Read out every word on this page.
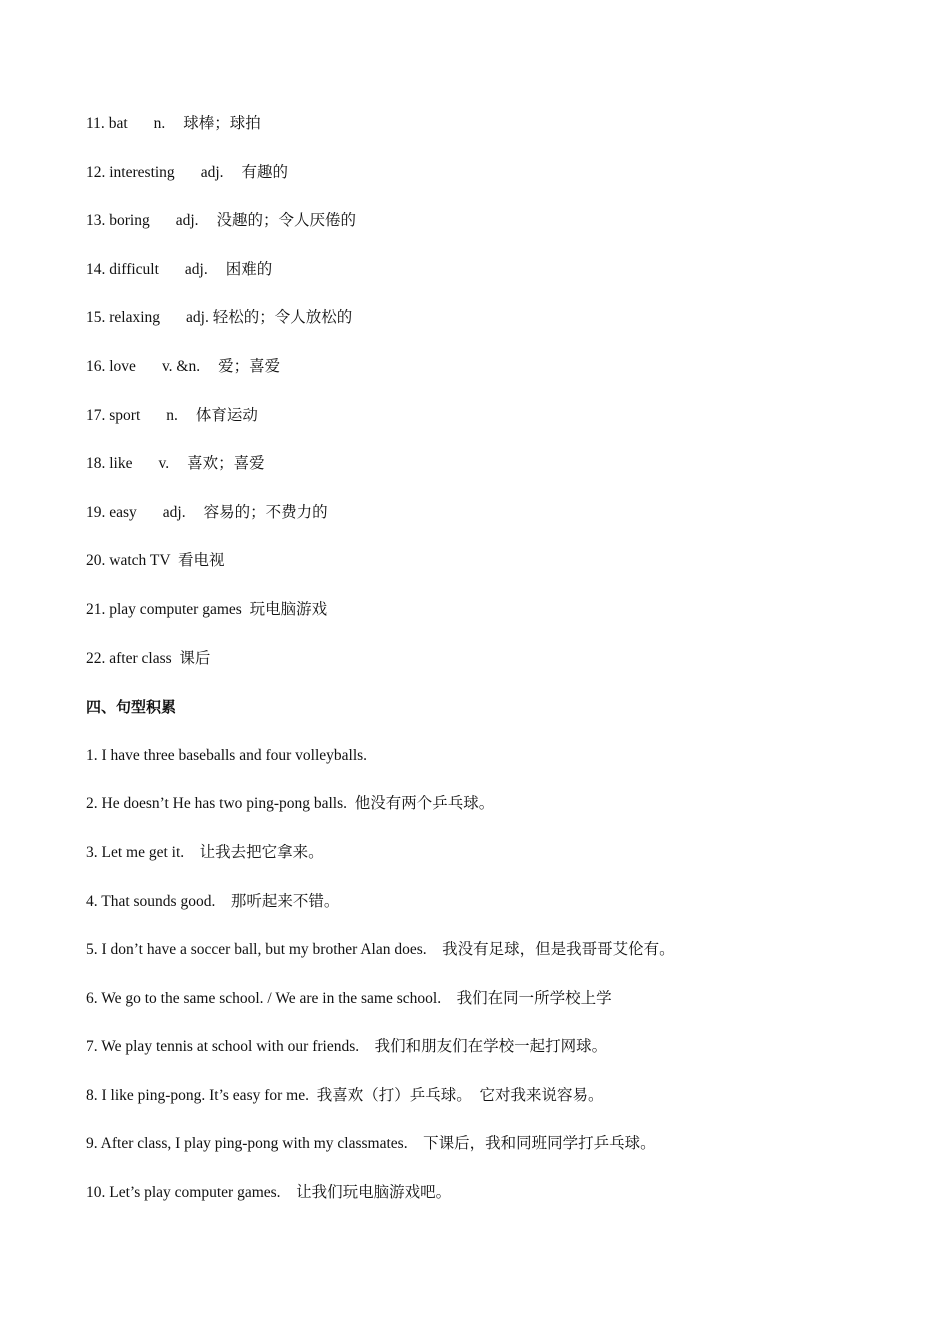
11. bat n. 球棒；球拍
12. interesting adj. 有趣的
13. boring adj. 没趣的；令人厌倦的
14. difficult adj. 困难的
15. relaxing adj. 轻松的；令人放松的
16. love v. &n. 爱；喜爱
17. sport n. 体育运动
18. like v. 喜欢；喜爱
19. easy adj. 容易的；不费力的
20. watch TV 看电视
21. play computer games 玩电脑游戏
22. after class 课后
四、句型积累
1. I have three baseballs and four volleyballs.
2. He doesn’t He has two ping-pong balls. 他没有两个乒乓球。
3. Let me get it. 让我去把它拿来。
4. That sounds good. 那听起来不错。
5. I don’t have a soccer ball, but my brother Alan does. 我没有足球，但是我哥哥艾伦有。
6. We go to the same school. / We are in the same school. 我们在同一所学校上学
7. We play tennis at school with our friends. 我们和朋友们在学校一起打网球。
8. I like ping-pong. It’s easy for me. 我喜欢（打）乒乓球。  它对我来说容易。
9. After class, I play ping-pong with my classmates. 下课后，我和同班同学打乒乓球。
10. Let’s play computer games. 让我们玩电脑游戏吧。
